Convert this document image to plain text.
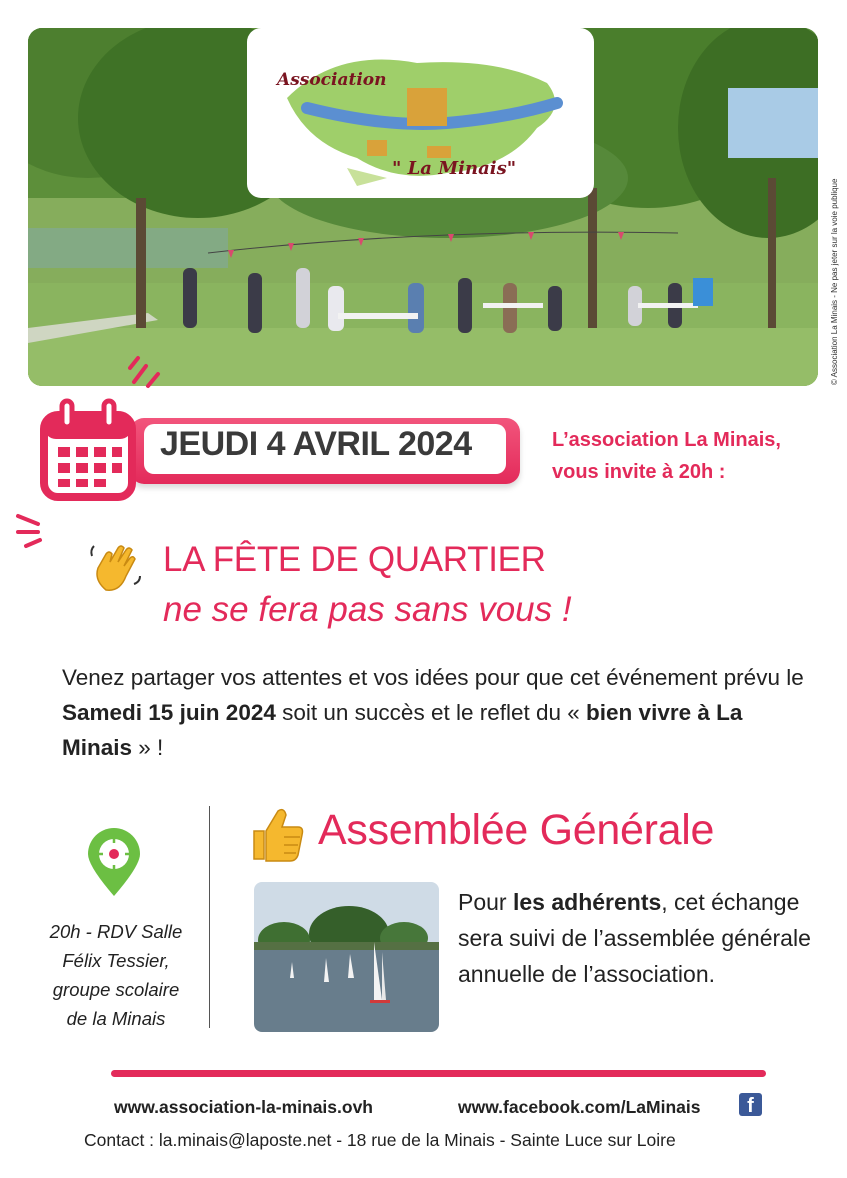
Association
" La Minais"
© Association La Minais - Ne pas jeter sur la voie publique
JEUDI 4 AVRIL 2024	L’association La Minais,
vous invite à 20h :
LA FÊTE DE QUARTIER
ne se fera pas sans vous !
Venez partager vos attentes et vos idées pour que cet événement prévu le Samedi 15 juin 2024 soit un succès et le reflet du « bien vivre à La Minais » !
20h - RDV Salle
Félix Tessier,
groupe scolaire
de la Minais
Assemblée Générale
Pour les adhérents, cet échange sera suivi de l’assemblée générale annuelle de l’association.
www.association-la-minais.ovh	www.facebook.com/LaMinais	f
Contact : la.minais@laposte.net - 18 rue de la Minais - Sainte Luce sur Loire
